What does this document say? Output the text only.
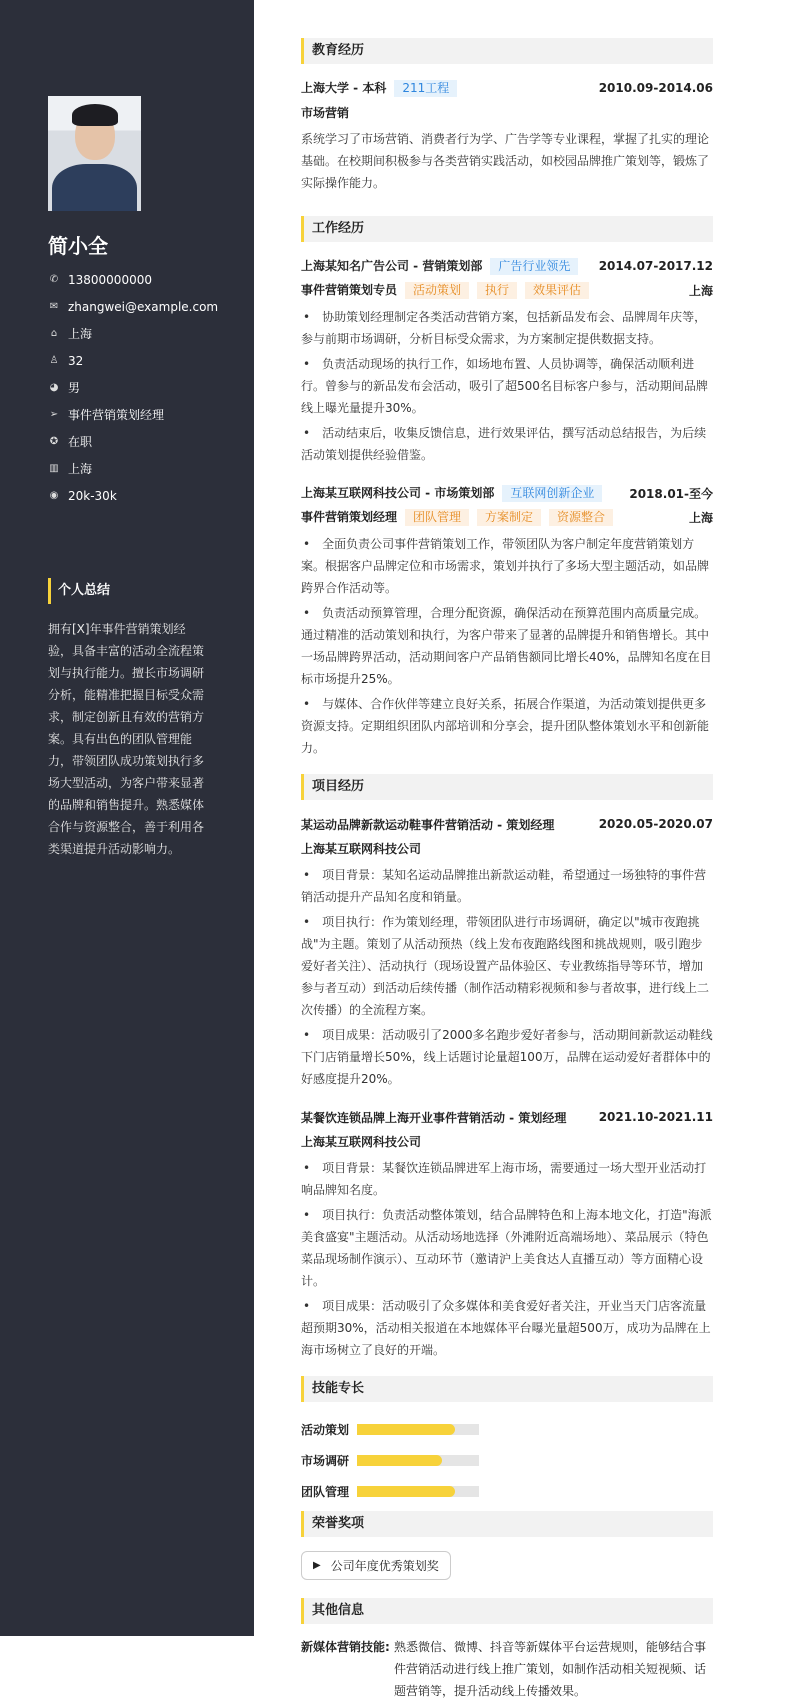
简小全
✆ 13800000000
✉ zhangwei@example.com
⌂ 上海
♙ 32
◕ 男
➢ 事件营销策划经理
✪ 在职
▥ 上海
◉ 20k-30k
个人总结
拥有[X]年事件营销策划经验，具备丰富的活动全流程策划与执行能力。擅长市场调研分析，能精准把握目标受众需求，制定创新且有效的营销方案。具有出色的团队管理能力，带领团队成功策划执行多场大型活动，为客户带来显著的品牌和销售提升。熟悉媒体合作与资源整合，善于利用各类渠道提升活动影响力。
教育经历
上海大学 - 本科 211工程	2010.09-2014.06
市场营销

系统学习了市场营销、消费者行为学、广告学等专业课程，掌握了扎实的理论基础。在校期间积极参与各类营销实践活动，如校园品牌推广策划等，锻炼了实际操作能力。

工作经历
上海某知名广告公司 - 营销策划部 广告行业领先	2014.07-2017.12
事件营销策划专员 活动策划 执行 效果评估	上海
• 协助策划经理制定各类活动营销方案，包括新品发布会、品牌周年庆等，参与前期市场调研，分析目标受众需求，为方案制定提供数据支持。
• 负责活动现场的执行工作，如场地布置、人员协调等，确保活动顺利进行。曾参与的新品发布会活动，吸引了超500名目标客户参与，活动期间品牌线上曝光量提升30%。
• 活动结束后，收集反馈信息，进行效果评估，撰写活动总结报告，为后续活动策划提供经验借鉴。
上海某互联网科技公司 - 市场策划部 互联网创新企业	2018.01-至今
事件营销策划经理 团队管理 方案制定 资源整合	上海
• 全面负责公司事件营销策划工作，带领团队为客户制定年度营销策划方案。根据客户品牌定位和市场需求，策划并执行了多场大型主题活动，如品牌跨界合作活动等。
• 负责活动预算管理，合理分配资源，确保活动在预算范围内高质量完成。通过精准的活动策划和执行，为客户带来了显著的品牌提升和销售增长。其中一场品牌跨界活动，活动期间客户产品销售额同比增长40%，品牌知名度在目标市场提升25%。
• 与媒体、合作伙伴等建立良好关系，拓展合作渠道，为活动策划提供更多资源支持。定期组织团队内部培训和分享会，提升团队整体策划水平和创新能力。
项目经历
某运动品牌新款运动鞋事件营销活动 - 策划经理	2020.05-2020.07
上海某互联网科技公司
• 项目背景：某知名运动品牌推出新款运动鞋，希望通过一场独特的事件营销活动提升产品知名度和销量。
• 项目执行：作为策划经理，带领团队进行市场调研，确定以"城市夜跑挑战"为主题。策划了从活动预热（线上发布夜跑路线图和挑战规则，吸引跑步爱好者关注）、活动执行（现场设置产品体验区、专业教练指导等环节，增加参与者互动）到活动后续传播（制作活动精彩视频和参与者故事，进行线上二次传播）的全流程方案。
• 项目成果：活动吸引了2000多名跑步爱好者参与，活动期间新款运动鞋线下门店销量增长50%，线上话题讨论量超100万，品牌在运动爱好者群体中的好感度提升20%。
某餐饮连锁品牌上海开业事件营销活动 - 策划经理	2021.10-2021.11
上海某互联网科技公司
• 项目背景：某餐饮连锁品牌进军上海市场，需要通过一场大型开业活动打响品牌知名度。
• 项目执行：负责活动整体策划，结合品牌特色和上海本地文化，打造"海派美食盛宴"主题活动。从活动场地选择（外滩附近高端场地）、菜品展示（特色菜品现场制作演示）、互动环节（邀请沪上美食达人直播互动）等方面精心设计。
• 项目成果：活动吸引了众多媒体和美食爱好者关注，开业当天门店客流量超预期30%，活动相关报道在本地媒体平台曝光量超500万，成功为品牌在上海市场树立了良好的开端。
技能专长
活动策划
市场调研
团队管理
荣誉奖项
▶ 公司年度优秀策划奖
其他信息
新媒体营销技能: 熟悉微信、微博、抖音等新媒体平台运营规则，能够结合事件营销活动进行线上推广策划，如制作活动相关短视频、话题营销等，提升活动线上传播效果。
